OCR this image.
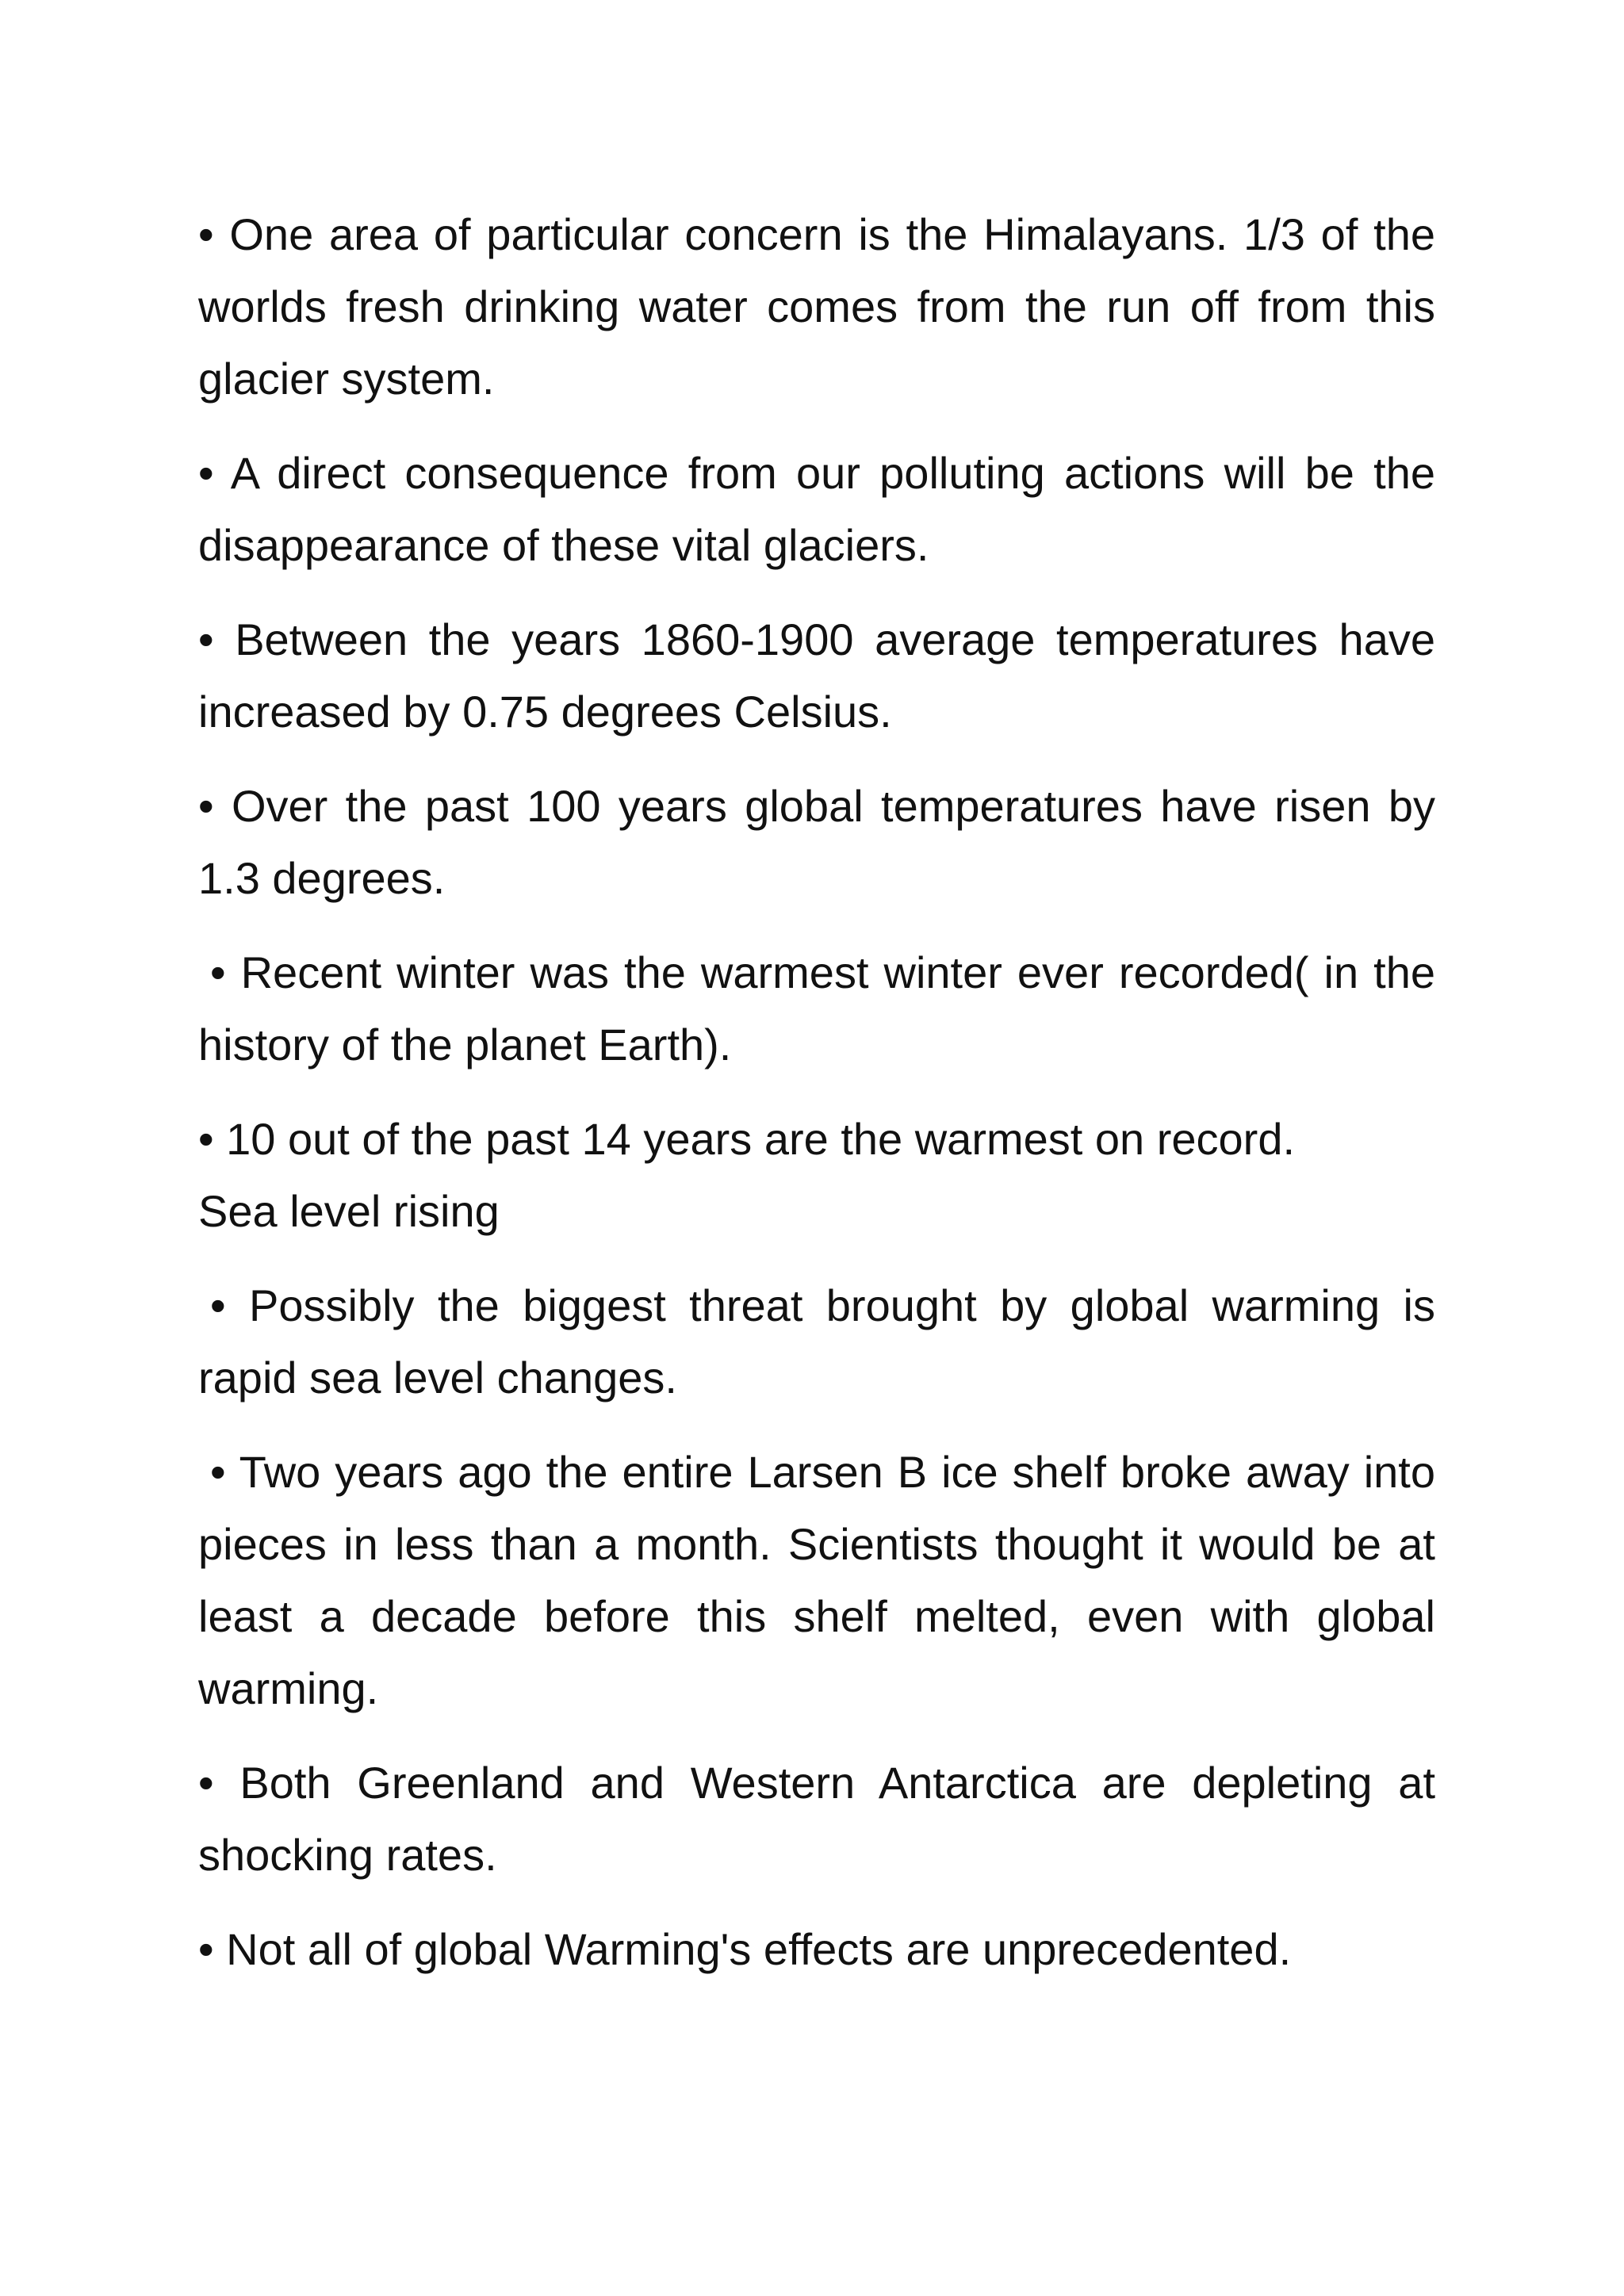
• One area of particular concern is the Himalayans. 1/3 of the worlds fresh drinking water comes from the run off from this glacier system.

• A direct consequence from our polluting actions will be the disappearance of these vital glaciers.

• Between the years 1860-1900 average temperatures have increased by 0.75 degrees Celsius.

• Over the past 100 years global temperatures have risen by 1.3 degrees.

• Recent winter was the warmest winter ever recorded( in the history of the planet Earth).

• 10 out of the past 14 years are the warmest on record.
Sea level rising

• Possibly the biggest threat brought by global warming is rapid sea level changes.

• Two years ago the entire Larsen B ice shelf broke away into pieces in less than a month. Scientists thought it would be at least a decade before this shelf melted, even with global warming.

• Both Greenland and Western Antarctica are depleting at shocking rates.

• Not all of global Warming's effects are unprecedented.
